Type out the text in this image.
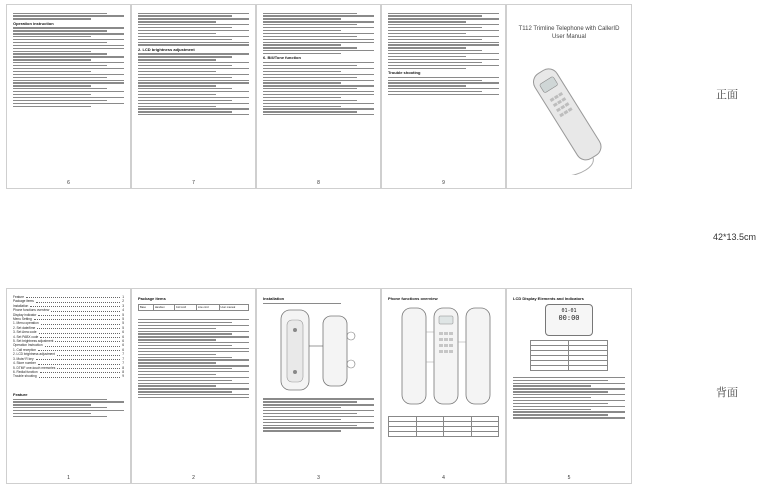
Operation instruction
6
2. LCD brightness adjustment
7
6. Bill/Tone function
8
Trouble shooting
9
T112 Trimline Telephone with CallerID
User Manual
正面
42*13.5cm
Feature	1
Package items	2
Installation	3
Phone functions overview	4
Display indicator	5
Menu Setting	5
1. Menu operation	5
2. Set date/time	5
3. Set Area code	6
4. Set PABX code	6
5. Set brightness adjustment	6
Operation Instruction	6
1. Call reception	6
2. LCD brightness adjustment	7
3. Mute/ R key	7
4. Store number	7
5. DTMF one-touch memories	8
6. Redial function	8
Trouble shooting	9
Feature
1
Package items
Base	Handset	Coil cord	Line cord	User manual
2
Installation
3
Phone functions overview

4
LCD Display Elements and Indicators
01-01
00:00

5
背面
